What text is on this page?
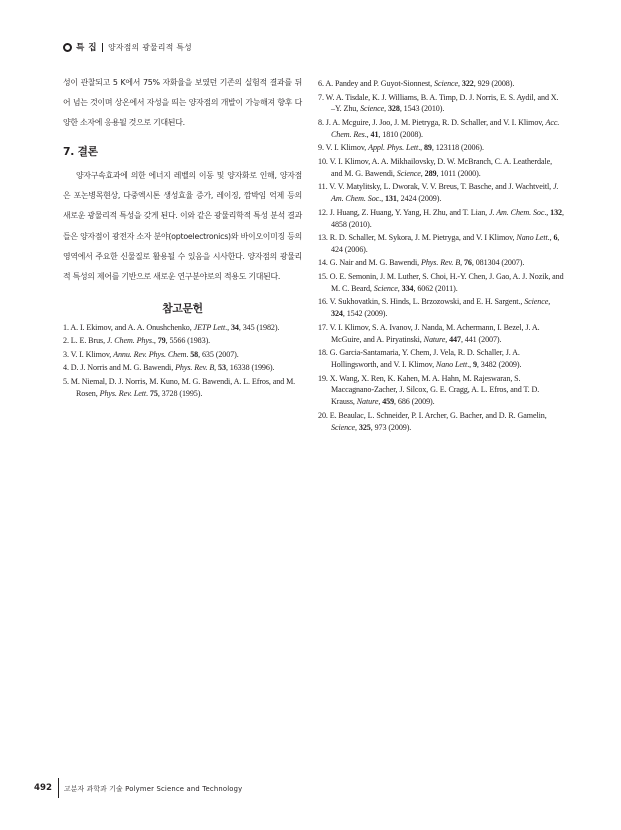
특 집 양자점의 광물리적 특성

성이 관찰되고 5 K에서 75% 자화율을 보였던 기존의 실험적 결과를 뒤어 넘는 것이며 상온에서 자성을 띄는 양자점의 개발이 가능해져 향후 다양한 소자에 응용될 것으로 기대된다.

7. 결론

양자구속효과에 의한 에너지 레벨의 이동 및 양자화로 인해, 양자점은 포논병목현상, 다중엑시톤 생성효율 증가, 레이징, 깜박임 억제 등의 새로운 광물리적 특성을 갖게 된다. 이와 같은 광물리학적 특성 분석 결과들은 양자점이 광전자 소자 분야(optoelectronics)와 바이오이미징 등의 영역에서 주요한 신물질로 활용될 수 있음을 시사한다. 양자점의 광물리적 특성의 제어를 기반으로 새로운 연구분야로의 적용도 기대된다.

참고문헌
1. A. I. Ekimov, and A. A. Onushchenko, JETP Lett., 34, 345 (1982).
2. L. E. Brus, J. Chem. Phys., 79, 5566 (1983).
3. V. I. Klimov, Annu. Rev. Phys. Chem. 58, 635 (2007).
4. D. J. Norris and M. G. Bawendi, Phys. Rev. B, 53, 16338 (1996).
5. M. Niemal, D. J. Norris, M. Kuno, M. G. Bawendi, A. L. Efros, and M. Rosen, Phys. Rev. Lett. 75, 3728 (1995).
6. A. Pandey and P. Guyot-Sionnest, Science, 322, 929 (2008).
7. W. A. Tisdale, K. J. Williams, B. A. Timp, D. J. Norris, E. S. Aydil, and X. –Y. Zhu, Science, 328, 1543 (2010).
8. J. A. Mcguire, J. Joo, J. M. Pietryga, R. D. Schaller, and V. I. Klimov, Acc. Chem. Res., 41, 1810 (2008).
9. V. I. Klimov, Appl. Phys. Lett., 89, 123118 (2006).
10. V. I. Klimov, A. A. Mikhailovsky, D. W. McBranch, C. A. Leatherdale, and M. G. Bawendi, Science, 289, 1011 (2000).
11. V. V. Matylitsky, L. Dworak, V. V. Breus, T. Basche, and J. Wachtveitl, J. Am. Chem. Soc., 131, 2424 (2009).
12. J. Huang, Z. Huang, Y. Yang, H. Zhu, and T. Lian, J. Am. Chem. Soc., 132, 4858 (2010).
13. R. D. Schaller, M. Sykora, J. M. Pietryga, and V. I Klimov, Nano Lett., 6, 424 (2006).
14. G. Nair and M. G. Bawendi, Phys. Rev. B, 76, 081304 (2007).
15. O. E. Semonin, J. M. Luther, S. Choi, H.-Y. Chen, J. Gao, A. J. Nozik, and M. C. Beard, Science, 334, 6062 (2011).
16. V. Sukhovatkin, S. Hinds, L. Brzozowski, and E. H. Sargent., Science, 324, 1542 (2009).
17. V. I. Klimov, S. A. Ivanov, J. Nanda, M. Achermann, I. Bezel, J. A. McGuire, and A. Piryatinski, Nature, 447, 441 (2007).
18. G. Garcia-Santamaria, Y. Chem, J. Vela, R. D. Schaller, J. A. Hollingsworth, and V. I. Klimov, Nano Lett., 9, 3482 (2009).
19. X. Wang, X. Ren, K. Kahen, M. A. Hahn, M. Rajeswaran, S. Maccagnano-Zacher, J. Silcox, G. E. Cragg, A. L. Efros, and T. D. Krauss, Nature, 459, 686 (2009).
20. E. Beaulac, L. Schneider, P. I. Archer, G. Bacher, and D. R. Gamelin, Science, 325, 973 (2009).
492 고분자 과학과 기술 Polymer Science and Technology
